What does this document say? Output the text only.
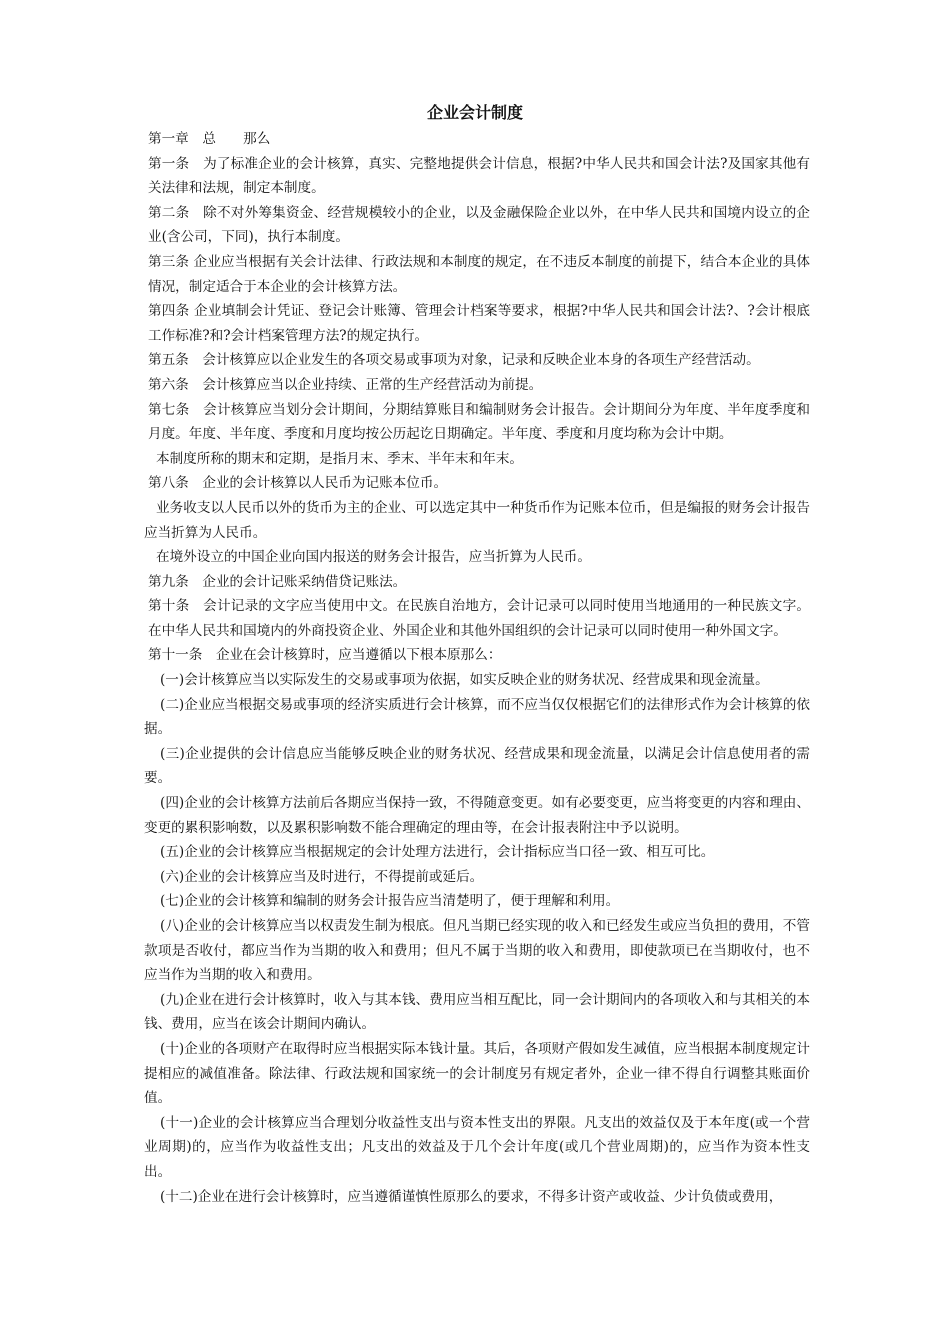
企业会计制度

第一章　总　　那么

第一条　为了标准企业的会计核算，真实、完整地提供会计信息，根据?中华人民共和国会计法?及国家其他有关法律和法规，制定本制度。

第二条　除不对外筹集资金、经营规模较小的企业，以及金融保险企业以外，在中华人民共和国境内设立的企业(含公司，下同)，执行本制度。

第三条 企业应当根据有关会计法律、行政法规和本制度的规定，在不违反本制度的前提下，结合本企业的具体情况，制定适合于本企业的会计核算方法。

第四条 企业填制会计凭证、登记会计账簿、管理会计档案等要求，根据?中华人民共和国会计法?、?会计根底工作标准?和?会计档案管理方法?的规定执行。

第五条　会计核算应以企业发生的各项交易或事项为对象，记录和反映企业本身的各项生产经营活动。

第六条　会计核算应当以企业持续、正常的生产经营活动为前提。

第七条　会计核算应当划分会计期间，分期结算账目和编制财务会计报告。会计期间分为年度、半年度季度和月度。年度、半年度、季度和月度均按公历起讫日期确定。半年度、季度和月度均称为会计中期。

本制度所称的期末和定期，是指月末、季末、半年末和年末。

第八条　企业的会计核算以人民币为记账本位币。

业务收支以人民币以外的货币为主的企业、可以选定其中一种货币作为记账本位币，但是编报的财务会计报告应当折算为人民币。

在境外设立的中国企业向国内报送的财务会计报告，应当折算为人民币。

第九条　企业的会计记账采纳借贷记账法。

第十条　会计记录的文字应当使用中文。在民族自治地方，会计记录可以同时使用当地通用的一种民族文字。在中华人民共和国境内的外商投资企业、外国企业和其他外国组织的会计记录可以同时使用一种外国文字。

第十一条　企业在会计核算时，应当遵循以下根本原那么：

(一)会计核算应当以实际发生的交易或事项为依据，如实反映企业的财务状况、经营成果和现金流量。

(二)企业应当根据交易或事项的经济实质进行会计核算，而不应当仅仅根据它们的法律形式作为会计核算的依据。

(三)企业提供的会计信息应当能够反映企业的财务状况、经营成果和现金流量，以满足会计信息使用者的需要。

(四)企业的会计核算方法前后各期应当保持一致，不得随意变更。如有必要变更，应当将变更的内容和理由、变更的累积影响数，以及累积影响数不能合理确定的理由等，在会计报表附注中予以说明。

(五)企业的会计核算应当根据规定的会计处理方法进行，会计指标应当口径一致、相互可比。

(六)企业的会计核算应当及时进行，不得提前或延后。

(七)企业的会计核算和编制的财务会计报告应当清楚明了，便于理解和利用。

(八)企业的会计核算应当以权责发生制为根底。但凡当期已经实现的收入和已经发生或应当负担的费用，不管款项是否收付，都应当作为当期的收入和费用；但凡不属于当期的收入和费用，即使款项已在当期收付，也不应当作为当期的收入和费用。

(九)企业在进行会计核算时，收入与其本钱、费用应当相互配比，同一会计期间内的各项收入和与其相关的本钱、费用，应当在该会计期间内确认。

(十)企业的各项财产在取得时应当根据实际本钱计量。其后，各项财产假如发生减值，应当根据本制度规定计提相应的减值准备。除法律、行政法规和国家统一的会计制度另有规定者外，企业一律不得自行调整其账面价值。

(十一)企业的会计核算应当合理划分收益性支出与资本性支出的界限。凡支出的效益仅及于本年度(或一个营业周期)的，应当作为收益性支出；凡支出的效益及于几个会计年度(或几个营业周期)的，应当作为资本性支出。

(十二)企业在进行会计核算时，应当遵循谨慎性原那么的要求，不得多计资产或收益、少计负债或费用，
